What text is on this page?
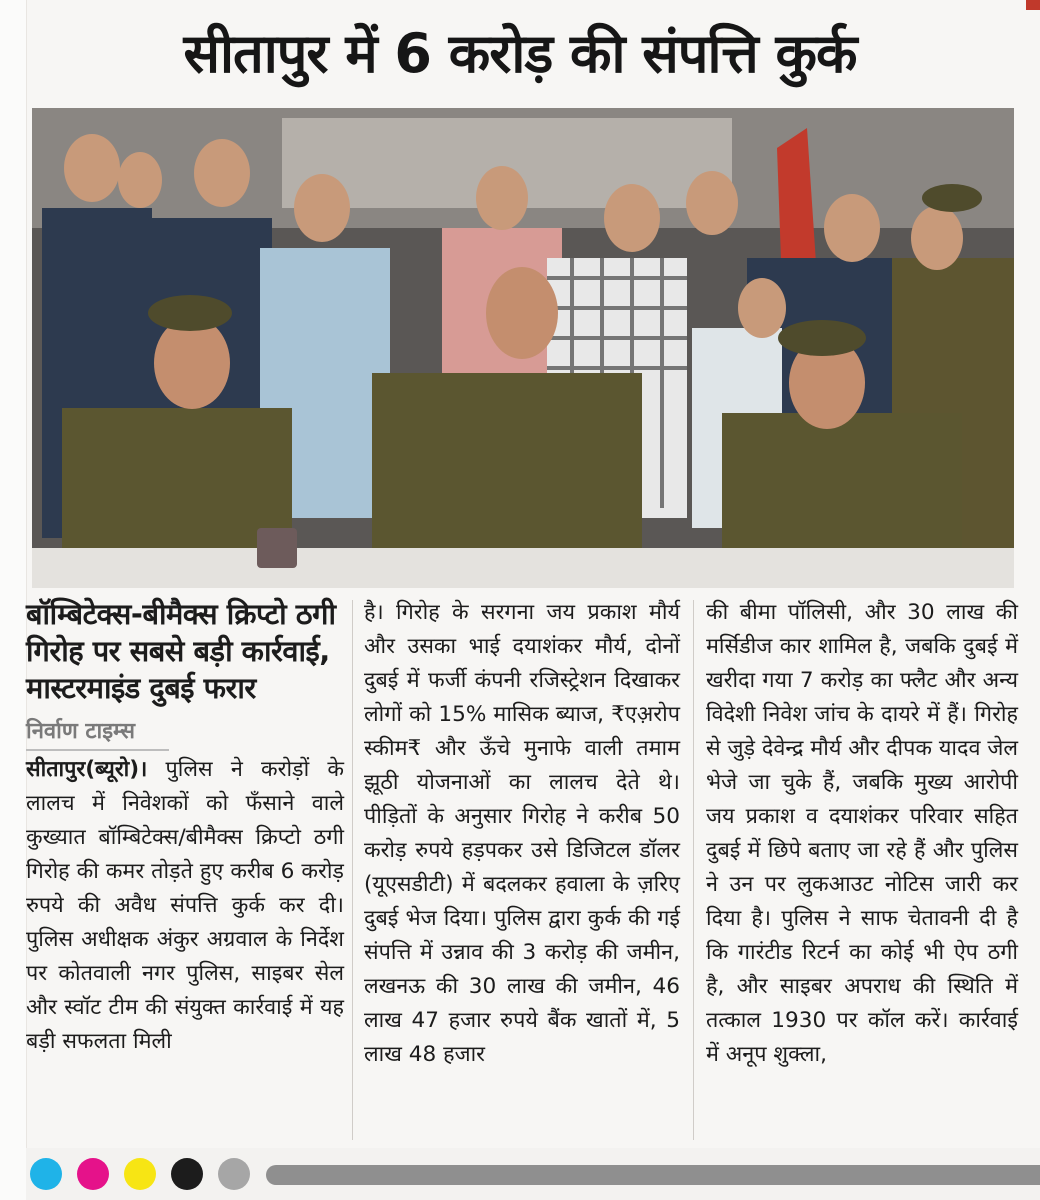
सीतापुर में 6 करोड़ की संपत्ति कुर्क
बॉम्बिटेक्स-बीमैक्स क्रिप्टो ठगी गिरोह पर सबसे बड़ी कार्रवाई, मास्टरमाइंड दुबई फरार
निर्वाण टाइम्स
सीतापुर(ब्यूरो)। पुलिस ने करोड़ों के लालच में निवेशकों को फँसाने वाले कुख्यात बॉम्बिटेक्स/बीमैक्स क्रिप्टो ठगी गिरोह की कमर तोड़ते हुए करीब 6 करोड़ रुपये की अवैध संपत्ति कुर्क कर दी। पुलिस अधीक्षक अंकुर अग्रवाल के निर्देश पर कोतवाली नगर पुलिस, साइबर सेल और स्वॉट टीम की संयुक्त कार्रवाई में यह बड़ी सफलता मिली
है। गिरोह के सरगना जय प्रकाश मौर्य और उसका भाई दयाशंकर मौर्य, दोनों दुबई में फर्जी कंपनी रजिस्ट्रेशन दिखाकर लोगों को 15% मासिक ब्याज, ₹एअ़रोप स्कीम₹ और ऊँचे मुनाफे वाली तमाम झूठी योजनाओं का लालच देते थे। पीड़ितों के अनुसार गिरोह ने करीब 50 करोड़ रुपये हड़पकर उसे डिजिटल डॉलर (यूएसडीटी) में बदलकर हवाला के ज़रिए दुबई भेज दिया। पुलिस द्वारा कुर्क की गई संपत्ति में उन्नाव की 3 करोड़ की जमीन, लखनऊ की 30 लाख की जमीन, 46 लाख 47 हजार रुपये बैंक खातों में, 5 लाख 48 हजार
की बीमा पॉलिसी, और 30 लाख की मर्सिडीज कार शामिल है, जबकि दुबई में खरीदा गया 7 करोड़ का फ्लैट और अन्य विदेशी निवेश जांच के दायरे में हैं। गिरोह से जुड़े देवेन्द्र मौर्य और दीपक यादव जेल भेजे जा चुके हैं, जबकि मुख्य आरोपी जय प्रकाश व दयाशंकर परिवार सहित दुबई में छिपे बताए जा रहे हैं और पुलिस ने उन पर लुकआउट नोटिस जारी कर दिया है। पुलिस ने साफ चेतावनी दी है कि गारंटीड रिटर्न का कोई भी ऐप ठगी है, और साइबर अपराध की स्थिति में तत्काल 1930 पर कॉल करें। कार्रवाई में अनूप शुक्ला,
